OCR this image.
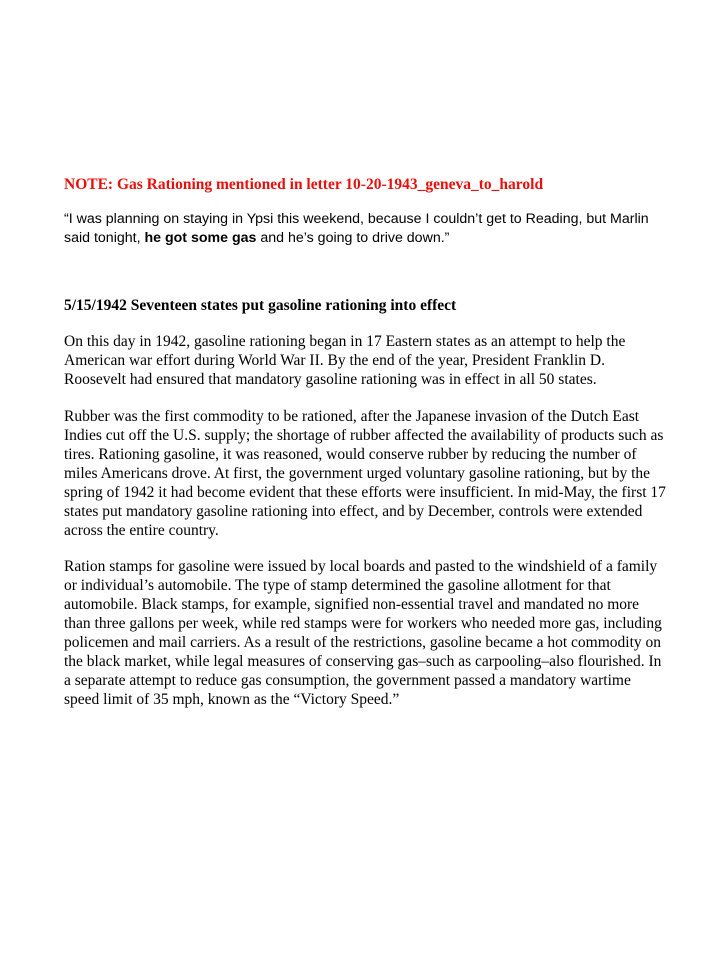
NOTE: Gas Rationing mentioned in letter 10-20-1943_geneva_to_harold
“I was planning on staying in Ypsi this weekend, because I couldn’t get to Reading, but Marlin
said tonight, he got some gas and he’s going to drive down.”
5/15/1942 Seventeen states put gasoline rationing into effect
On this day in 1942, gasoline rationing began in 17 Eastern states as an attempt to help the
American war effort during World War II. By the end of the year, President Franklin D.
Roosevelt had ensured that mandatory gasoline rationing was in effect in all 50 states.
Rubber was the first commodity to be rationed, after the Japanese invasion of the Dutch East
Indies cut off the U.S. supply; the shortage of rubber affected the availability of products such as
tires. Rationing gasoline, it was reasoned, would conserve rubber by reducing the number of
miles Americans drove. At first, the government urged voluntary gasoline rationing, but by the
spring of 1942 it had become evident that these efforts were insufficient. In mid-May, the first 17
states put mandatory gasoline rationing into effect, and by December, controls were extended
across the entire country.
Ration stamps for gasoline were issued by local boards and pasted to the windshield of a family
or individual’s automobile. The type of stamp determined the gasoline allotment for that
automobile. Black stamps, for example, signified non-essential travel and mandated no more
than three gallons per week, while red stamps were for workers who needed more gas, including
policemen and mail carriers. As a result of the restrictions, gasoline became a hot commodity on
the black market, while legal measures of conserving gas–such as carpooling–also flourished. In
a separate attempt to reduce gas consumption, the government passed a mandatory wartime
speed limit of 35 mph, known as the “Victory Speed.”
